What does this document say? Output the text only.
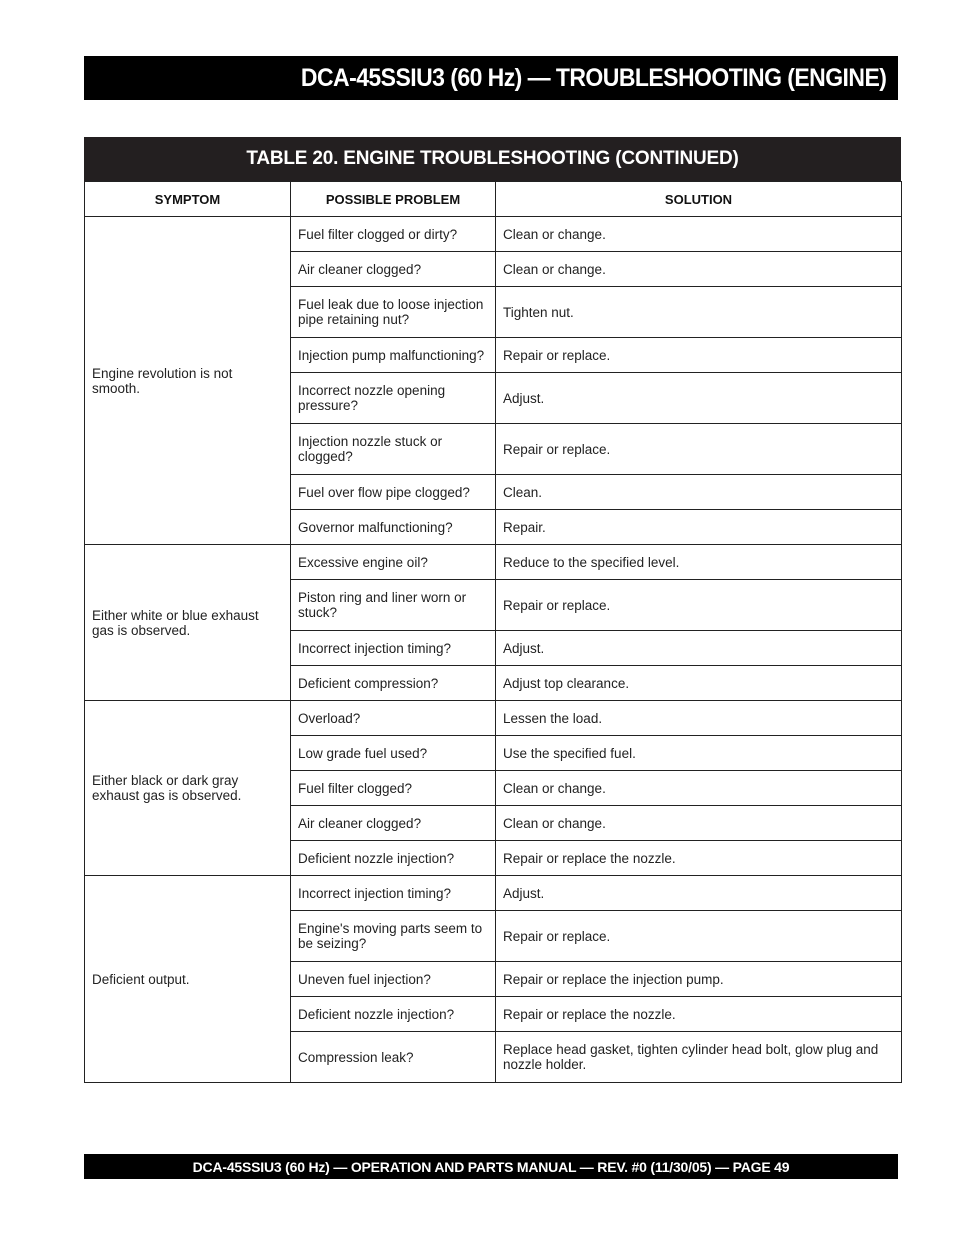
DCA-45SSIU3 (60 Hz) — TROUBLESHOOTING (ENGINE)
TABLE 20. ENGINE TROUBLESHOOTING (CONTINUED)
SYMPTOM	POSSIBLE PROBLEM	SOLUTION
Engine revolution is not smooth.	Fuel filter clogged or dirty?	Clean or change.
	Air cleaner clogged?	Clean or change.
	Fuel leak due to loose injection pipe retaining nut?	Tighten nut.
	Injection pump malfunctioning?	Repair or replace.
	Incorrect nozzle opening pressure?	Adjust.
	Injection nozzle stuck or clogged?	Repair or replace.
	Fuel over flow pipe clogged?	Clean.
	Governor malfunctioning?	Repair.
Either white or blue exhaust gas is observed.	Excessive engine oil?	Reduce to the specified level.
	Piston ring and liner worn or stuck?	Repair or replace.
	Incorrect injection timing?	Adjust.
	Deficient compression?	Adjust top clearance.
Either black or dark gray exhaust gas is observed.	Overload?	Lessen the load.
	Low grade fuel used?	Use the specified fuel.
	Fuel filter clogged?	Clean or change.
	Air cleaner clogged?	Clean or change.
	Deficient nozzle injection?	Repair or replace the nozzle.
Deficient output.	Incorrect injection timing?	Adjust.
	Engine's moving parts seem to be seizing?	Repair or replace.
	Uneven fuel injection?	Repair or replace the injection pump.
	Deficient nozzle injection?	Repair or replace the nozzle.
	Compression leak?	Replace head gasket, tighten cylinder head bolt, glow plug and nozzle holder.
DCA-45SSIU3 (60 Hz) — OPERATION AND PARTS MANUAL — REV. #0 (11/30/05) — PAGE 49
